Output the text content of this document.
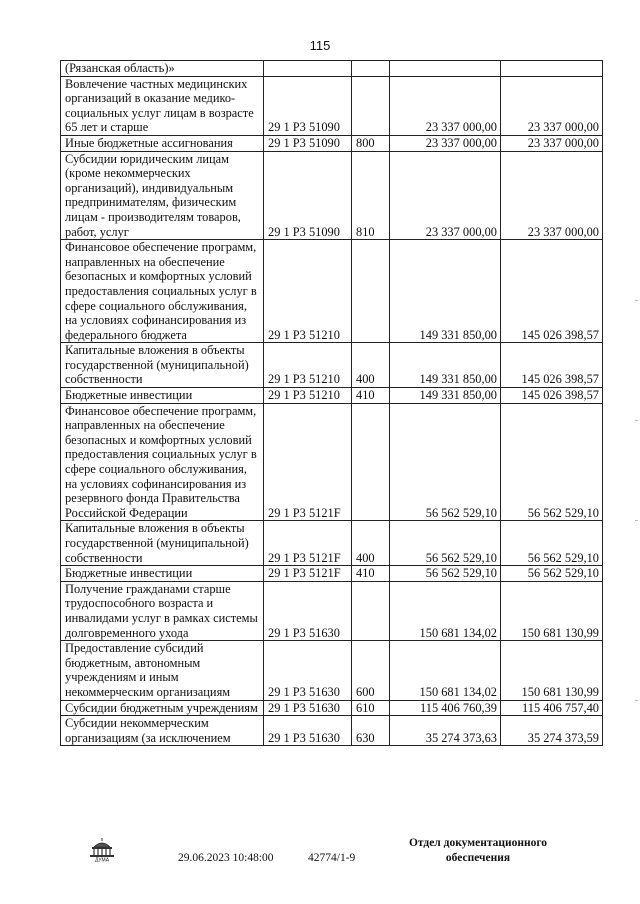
115
(Рязанская область)»				
Вовлечение частных медицинских организаций в оказание медико-социальных услуг лицам в возрасте 65 лет и старше	29 1 Р3 51090		23 337 000,00	23 337 000,00
Иные бюджетные ассигнования	29 1 Р3 51090	800	23 337 000,00	23 337 000,00
Субсидии юридическим лицам (кроме некоммерческих организаций), индивидуальным предпринимателям, физическим лицам - производителям товаров, работ, услуг	29 1 Р3 51090	810	23 337 000,00	23 337 000,00
Финансовое обеспечение программ, направленных на обеспечение безопасных и комфортных условий предоставления социальных услуг в сфере социального обслуживания, на условиях софинансирования из федерального бюджета	29 1 Р3 51210		149 331 850,00	145 026 398,57
Капитальные вложения в объекты государственной (муниципальной) собственности	29 1 Р3 51210	400	149 331 850,00	145 026 398,57
Бюджетные инвестиции	29 1 Р3 51210	410	149 331 850,00	145 026 398,57
Финансовое обеспечение программ, направленных на обеспечение безопасных и комфортных условий предоставления социальных услуг в сфере социального обслуживания, на условиях софинансирования из резервного фонда Правительства Российской Федерации	29 1 Р3 5121F		56 562 529,10	56 562 529,10
Капитальные вложения в объекты государственной (муниципальной) собственности	29 1 Р3 5121F	400	56 562 529,10	56 562 529,10
Бюджетные инвестиции	29 1 Р3 5121F	410	56 562 529,10	56 562 529,10
Получение гражданами старше трудоспособного возраста и инвалидами услуг в рамках системы долговременного ухода	29 1 Р3 51630		150 681 134,02	150 681 130,99
Предоставление субсидий бюджетным, автономным учреждениям и иным некоммерческим организациям	29 1 Р3 51630	600	150 681 134,02	150 681 130,99
Субсидии бюджетным учреждениям	29 1 Р3 51630	610	115 406 760,39	115 406 757,40
Субсидии некоммерческим организациям (за исключением	29 1 Р3 51630	630	35 274 373,63	35 274 373,59
ДУМА	29.06.2023 10:48:00	42774/1-9
Отдел документационного обеспечения
